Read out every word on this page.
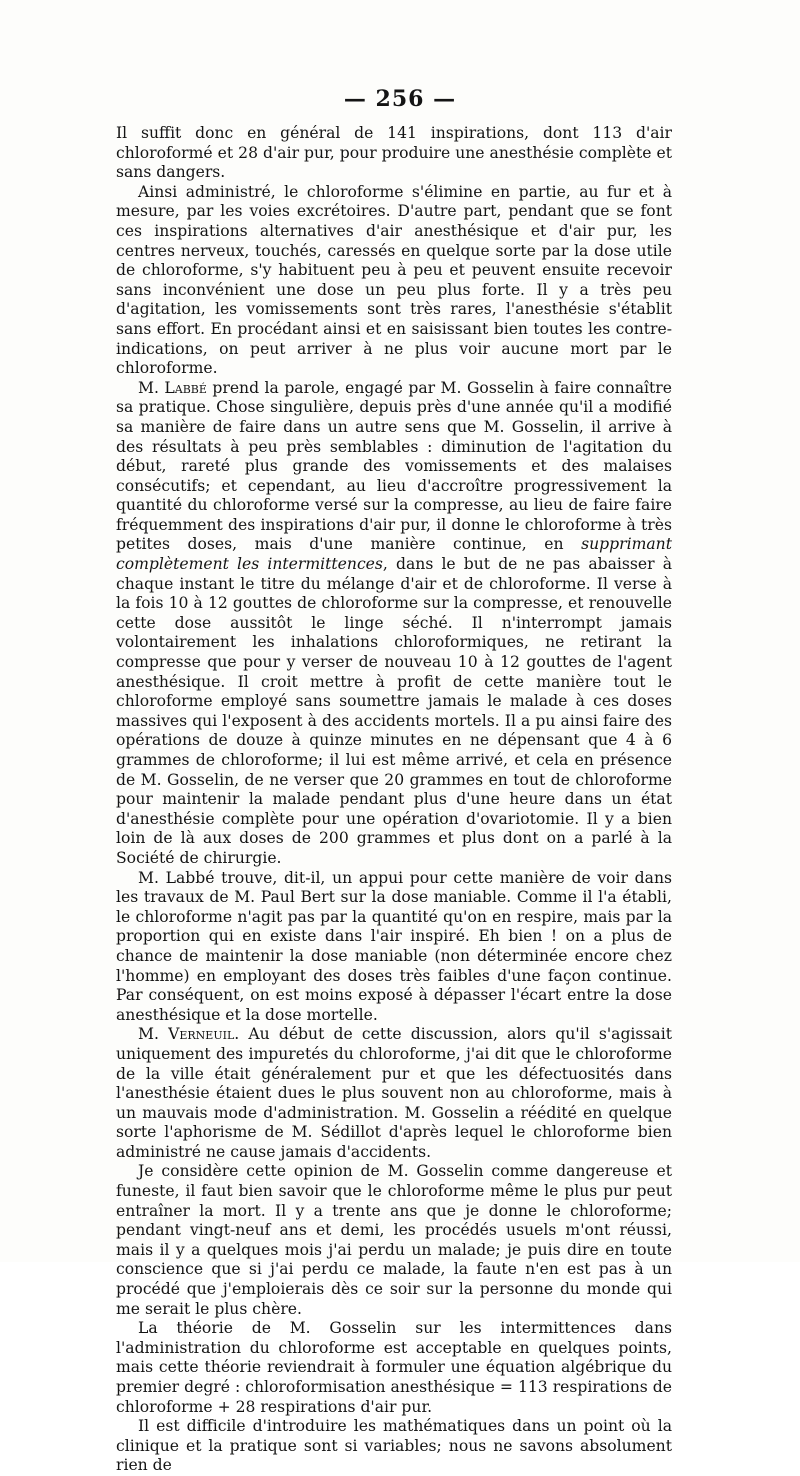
— 256 —

Il suffit donc en général de 141 inspirations, dont 113 d'air chloroformé et 28 d'air pur, pour produire une anesthésie complète et sans dangers.

Ainsi administré, le chloroforme s'élimine en partie, au fur et à mesure, par les voies excrétoires. D'autre part, pendant que se font ces inspirations alternatives d'air anesthésique et d'air pur, les centres nerveux, touchés, caressés en quelque sorte par la dose utile de chloroforme, s'y habituent peu à peu et peuvent ensuite recevoir sans inconvénient une dose un peu plus forte. Il y a très peu d'agitation, les vomissements sont très rares, l'anesthésie s'établit sans effort. En procédant ainsi et en saisissant bien toutes les contre-indications, on peut arriver à ne plus voir aucune mort par le chloroforme.

M. Labbé prend la parole, engagé par M. Gosselin à faire connaître sa pratique. Chose singulière, depuis près d'une année qu'il a modifié sa manière de faire dans un autre sens que M. Gosselin, il arrive à des résultats à peu près semblables : diminution de l'agitation du début, rareté plus grande des vomissements et des malaises consécutifs; et cependant, au lieu d'accroître progressivement la quantité du chloroforme versé sur la compresse, au lieu de faire faire fréquemment des inspirations d'air pur, il donne le chloroforme à très petites doses, mais d'une manière continue, en supprimant complètement les intermittences, dans le but de ne pas abaisser à chaque instant le titre du mélange d'air et de chloroforme. Il verse à la fois 10 à 12 gouttes de chloroforme sur la compresse, et renouvelle cette dose aussitôt le linge séché. Il n'interrompt jamais volontairement les inhalations chloroformiques, ne retirant la compresse que pour y verser de nouveau 10 à 12 gouttes de l'agent anesthésique. Il croit mettre à profit de cette manière tout le chloroforme employé sans soumettre jamais le malade à ces doses massives qui l'exposent à des accidents mortels. Il a pu ainsi faire des opérations de douze à quinze minutes en ne dépensant que 4 à 6 grammes de chloroforme; il lui est même arrivé, et cela en présence de M. Gosselin, de ne verser que 20 grammes en tout de chloroforme pour maintenir la malade pendant plus d'une heure dans un état d'anesthésie complète pour une opération d'ovariotomie. Il y a bien loin de là aux doses de 200 grammes et plus dont on a parlé à la Société de chirurgie.

M. Labbé trouve, dit-il, un appui pour cette manière de voir dans les travaux de M. Paul Bert sur la dose maniable. Comme il l'a établi, le chloroforme n'agit pas par la quantité qu'on en respire, mais par la proportion qui en existe dans l'air inspiré. Eh bien ! on a plus de chance de maintenir la dose maniable (non déterminée encore chez l'homme) en employant des doses très faibles d'une façon continue. Par conséquent, on est moins exposé à dépasser l'écart entre la dose anesthésique et la dose mortelle.

M. Verneuil. Au début de cette discussion, alors qu'il s'agissait uniquement des impuretés du chloroforme, j'ai dit que le chloroforme de la ville était généralement pur et que les défectuosités dans l'anesthésie étaient dues le plus souvent non au chloroforme, mais à un mauvais mode d'administration. M. Gosselin a réédité en quelque sorte l'aphorisme de M. Sédillot d'après lequel le chloroforme bien administré ne cause jamais d'accidents.

Je considère cette opinion de M. Gosselin comme dangereuse et funeste, il faut bien savoir que le chloroforme même le plus pur peut entraîner la mort. Il y a trente ans que je donne le chloroforme; pendant vingt-neuf ans et demi, les procédés usuels m'ont réussi, mais il y a quelques mois j'ai perdu un malade; je puis dire en toute conscience que si j'ai perdu ce malade, la faute n'en est pas à un procédé que j'emploierais dès ce soir sur la personne du monde qui me serait le plus chère.

La théorie de M. Gosselin sur les intermittences dans l'administration du chloroforme est acceptable en quelques points, mais cette théorie reviendrait à formuler une équation algébrique du premier degré : chloroformisation anesthésique = 113 respirations de chloroforme + 28 respirations d'air pur.

Il est difficile d'introduire les mathématiques dans un point où la clinique et la pratique sont si variables; nous ne savons absolument rien de
